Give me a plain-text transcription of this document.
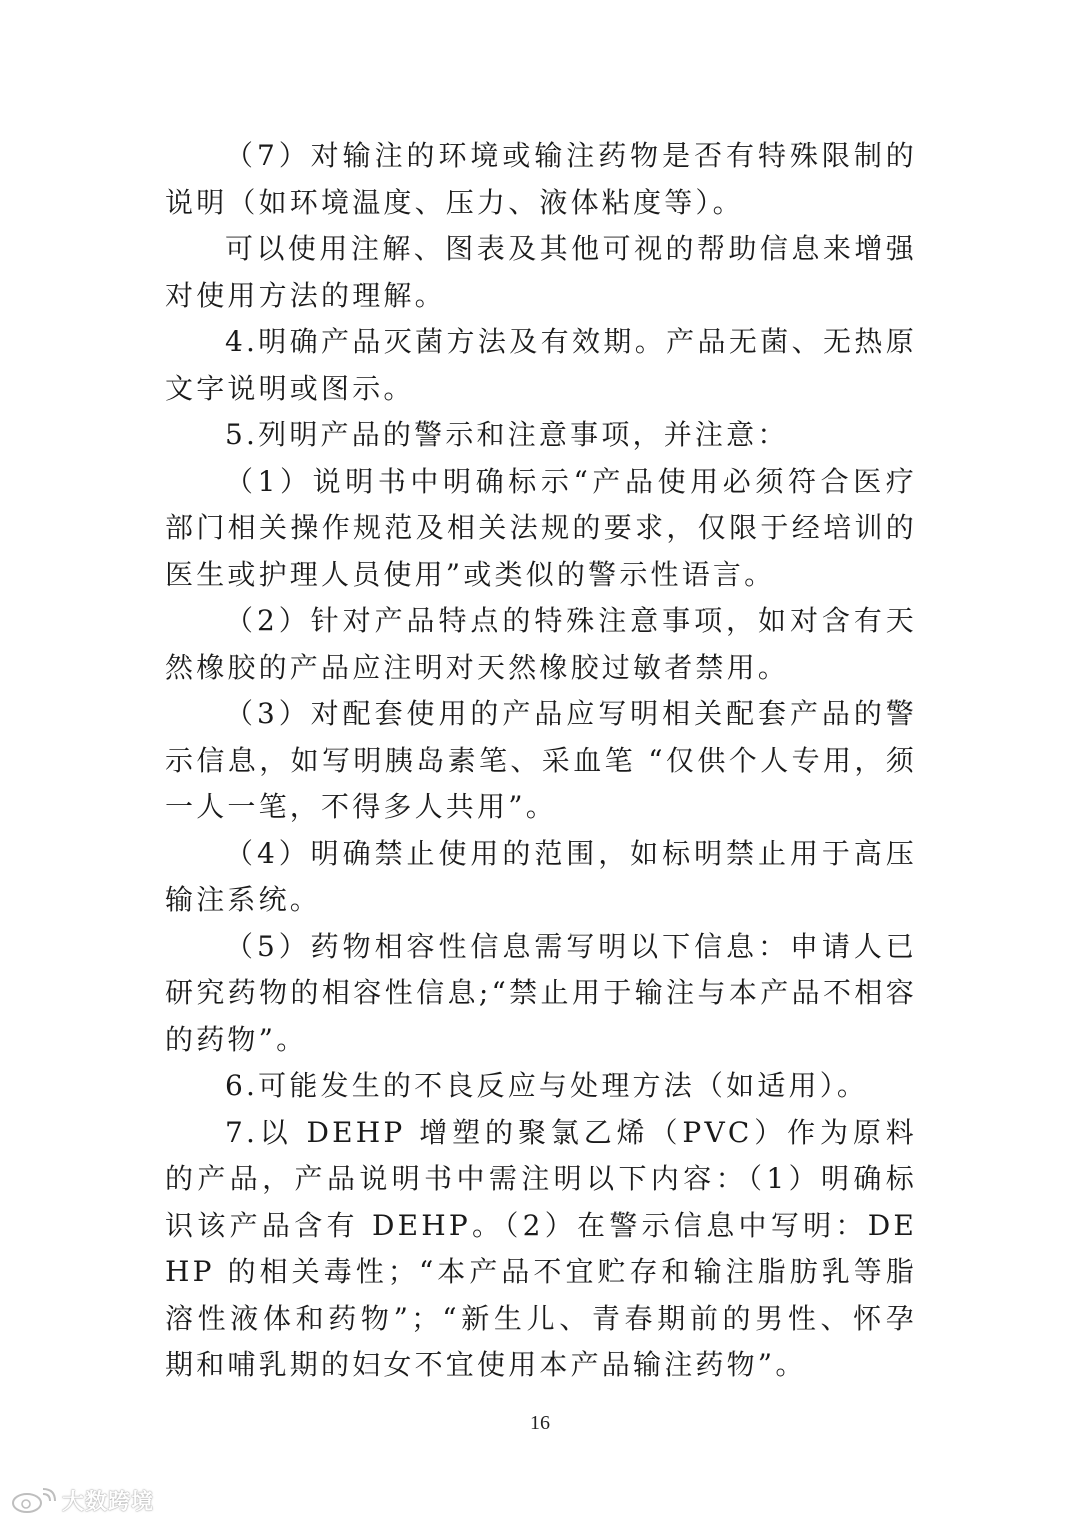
（7）对输注的环境或输注药物是否有特殊限制的说明（如环境温度、压力、液体粘度等）。

可以使用注解、图表及其他可视的帮助信息来增强对使用方法的理解。

4.明确产品灭菌方法及有效期。产品无菌、无热原文字说明或图示。

5.列明产品的警示和注意事项，并注意：

（1）说明书中明确标示“产品使用必须符合医疗部门相关操作规范及相关法规的要求，仅限于经培训的医生或护理人员使用”或类似的警示性语言。

（2）针对产品特点的特殊注意事项，如对含有天然橡胶的产品应注明对天然橡胶过敏者禁用。

（3）对配套使用的产品应写明相关配套产品的警示信息，如写明胰岛素笔、采血笔 “仅供个人专用，须一人一笔，不得多人共用”。

（4）明确禁止使用的范围，如标明禁止用于高压输注系统。

（5）药物相容性信息需写明以下信息：申请人已研究药物的相容性信息;“禁止用于输注与本产品不相容的药物”。

6.可能发生的不良反应与处理方法（如适用）。

7.以 DEHP 增塑的聚氯乙烯（PVC）作为原料的产品，产品说明书中需注明以下内容：（1）明确标识该产品含有 DEHP。（2）在警示信息中写明：DEHP 的相关毒性；“本产品不宜贮存和输注脂肪乳等脂溶性液体和药物”；“新生儿、青春期前的男性、怀孕期和哺乳期的妇女不宜使用本产品输注药物”。

16
大数跨境
